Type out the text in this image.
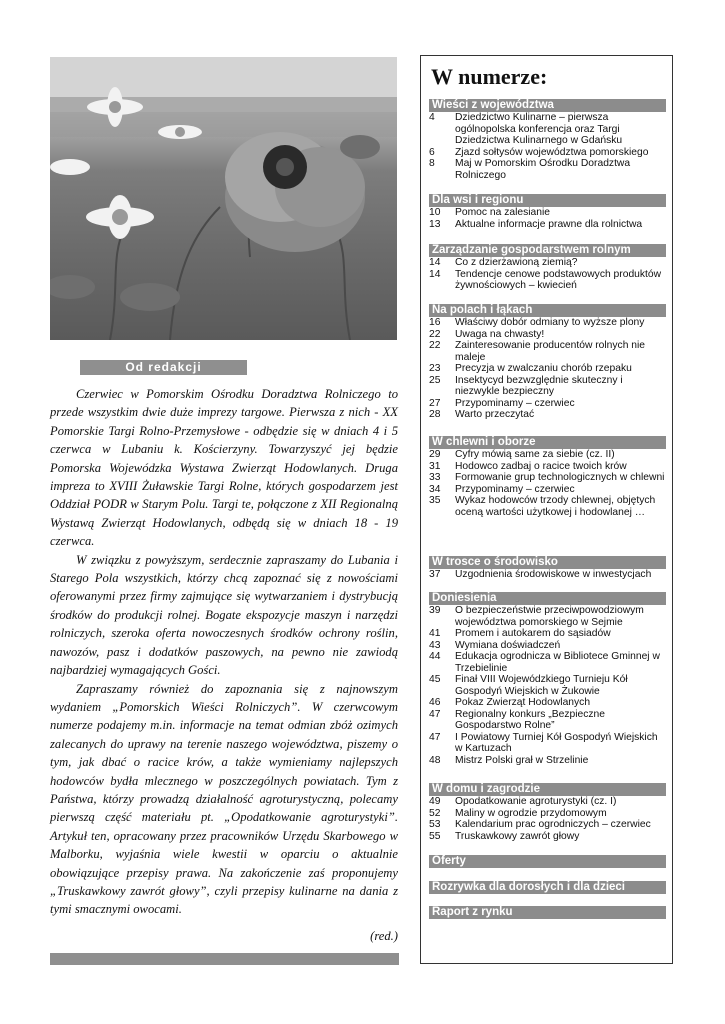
Od redakcji

Czerwiec w Pomorskim Ośrodku Doradztwa Rolniczego to przede wszystkim dwie duże imprezy targowe. Pierwsza z nich - XX Pomorskie Targi Rolno-Przemysłowe - odbędzie się w dniach 4 i 5 czerwca w Lubaniu k. Kościerzyny. Towarzyszyć jej będzie Pomorska Wojewódzka Wystawa Zwierząt Hodowlanych. Druga impreza to XVIII Żuławskie Targi Rolne, których gospodarzem jest Oddział PODR w Starym Polu. Targi te, połączone z XII Regionalną Wystawą Zwierząt Hodowlanych, odbędą się w dniach 18 - 19 czerwca.

W związku z powyższym, serdecznie zapraszamy do Lubania i Starego Pola wszystkich, którzy chcą zapoznać się z nowościami oferowanymi przez firmy zajmujące się wytwarzaniem i dystrybucją środków do produkcji rolnej. Bogate ekspozycje maszyn i narzędzi rolniczych, szeroka oferta nowoczesnych środków ochrony roślin, nawozów, pasz i dodatków paszowych, na pewno nie zawiodą najbardziej wymagających Gości.

Zapraszamy również do zapoznania się z najnowszym wydaniem „Pomorskich Wieści Rolniczych”. W czerwcowym numerze podajemy m.in. informacje na temat odmian zbóż ozimych zalecanych do uprawy na terenie naszego województwa, piszemy o tym, jak dbać o racice krów, a także wymieniamy najlepszych hodowców bydła mlecznego w poszczególnych powiatach. Tym z Państwa, którzy prowadzą działalność agroturystyczną, polecamy pierwszą część materiału pt. „Opodatkowanie agroturystyki”. Artykuł ten, opracowany przez pracowników Urzędu Skarbowego w Malborku, wyjaśnia wiele kwestii w oparciu o aktualnie obowiązujące przepisy prawa. Na zakończenie zaś proponujemy „Truskawkowy zawrót głowy”, czyli przepisy kulinarne na dania z tymi smacznymi owocami.

(red.)

W numerze:
Wieści z województwa
4	Dziedzictwo Kulinarne – pierwsza ogólnopolska konferencja oraz Targi Dziedzictwa Kulinarnego w Gdańsku
6	Zjazd sołtysów województwa pomorskiego
8	Maj w Pomorskim Ośrodku Doradztwa Rolniczego
Dla wsi i regionu
10	Pomoc na zalesianie
13	Aktualne informacje prawne dla rolnictwa
Zarządzanie gospodarstwem rolnym
14	Co z dzierżawioną ziemią?
14	Tendencje cenowe podstawowych produktów żywnościowych – kwiecień
Na polach i łąkach
16	Właściwy dobór odmiany to wyższe plony
22	Uwaga na chwasty!
22	Zainteresowanie producentów rolnych nie maleje
23	Precyzja w zwalczaniu chorób rzepaku
25	Insektycyd bezwzględnie skuteczny i niezwykle bezpieczny
27	Przypominamy – czerwiec
28	Warto przeczytać
W chlewni i oborze
29	Cyfry mówią same za siebie (cz. II)
31	Hodowco zadbaj o racice twoich krów
33	Formowanie grup technologicznych w chlewni
34	Przypominamy – czerwiec
35	Wykaz hodowców trzody chlewnej, objętych oceną wartości użytkowej i hodowlanej …
W trosce o środowisko
37	Uzgodnienia środowiskowe w inwestycjach
Doniesienia
39	O bezpieczeństwie przeciwpowodziowym województwa pomorskiego w Sejmie
41	Promem i autokarem do sąsiadów
43	Wymiana doświadczeń
44	Edukacja ogrodnicza w Bibliotece Gminnej w Trzebielinie
45	Finał VIII Wojewódzkiego Turnieju Kół Gospodyń Wiejskich w Żukowie
46	Pokaz Zwierząt Hodowlanych
47	Regionalny konkurs „Bezpieczne Gospodarstwo Rolne”
47	I Powiatowy Turniej Kół Gospodyń Wiejskich w Kartuzach
48	Mistrz Polski grał w Strzelinie
W domu i zagrodzie
49	Opodatkowanie agroturystyki (cz. I)
52	Maliny w ogrodzie przydomowym
53	Kalendarium prac ogrodniczych – czerwiec
55	Truskawkowy zawrót głowy
Oferty
Rozrywka dla dorosłych i dla dzieci
Raport z rynku
